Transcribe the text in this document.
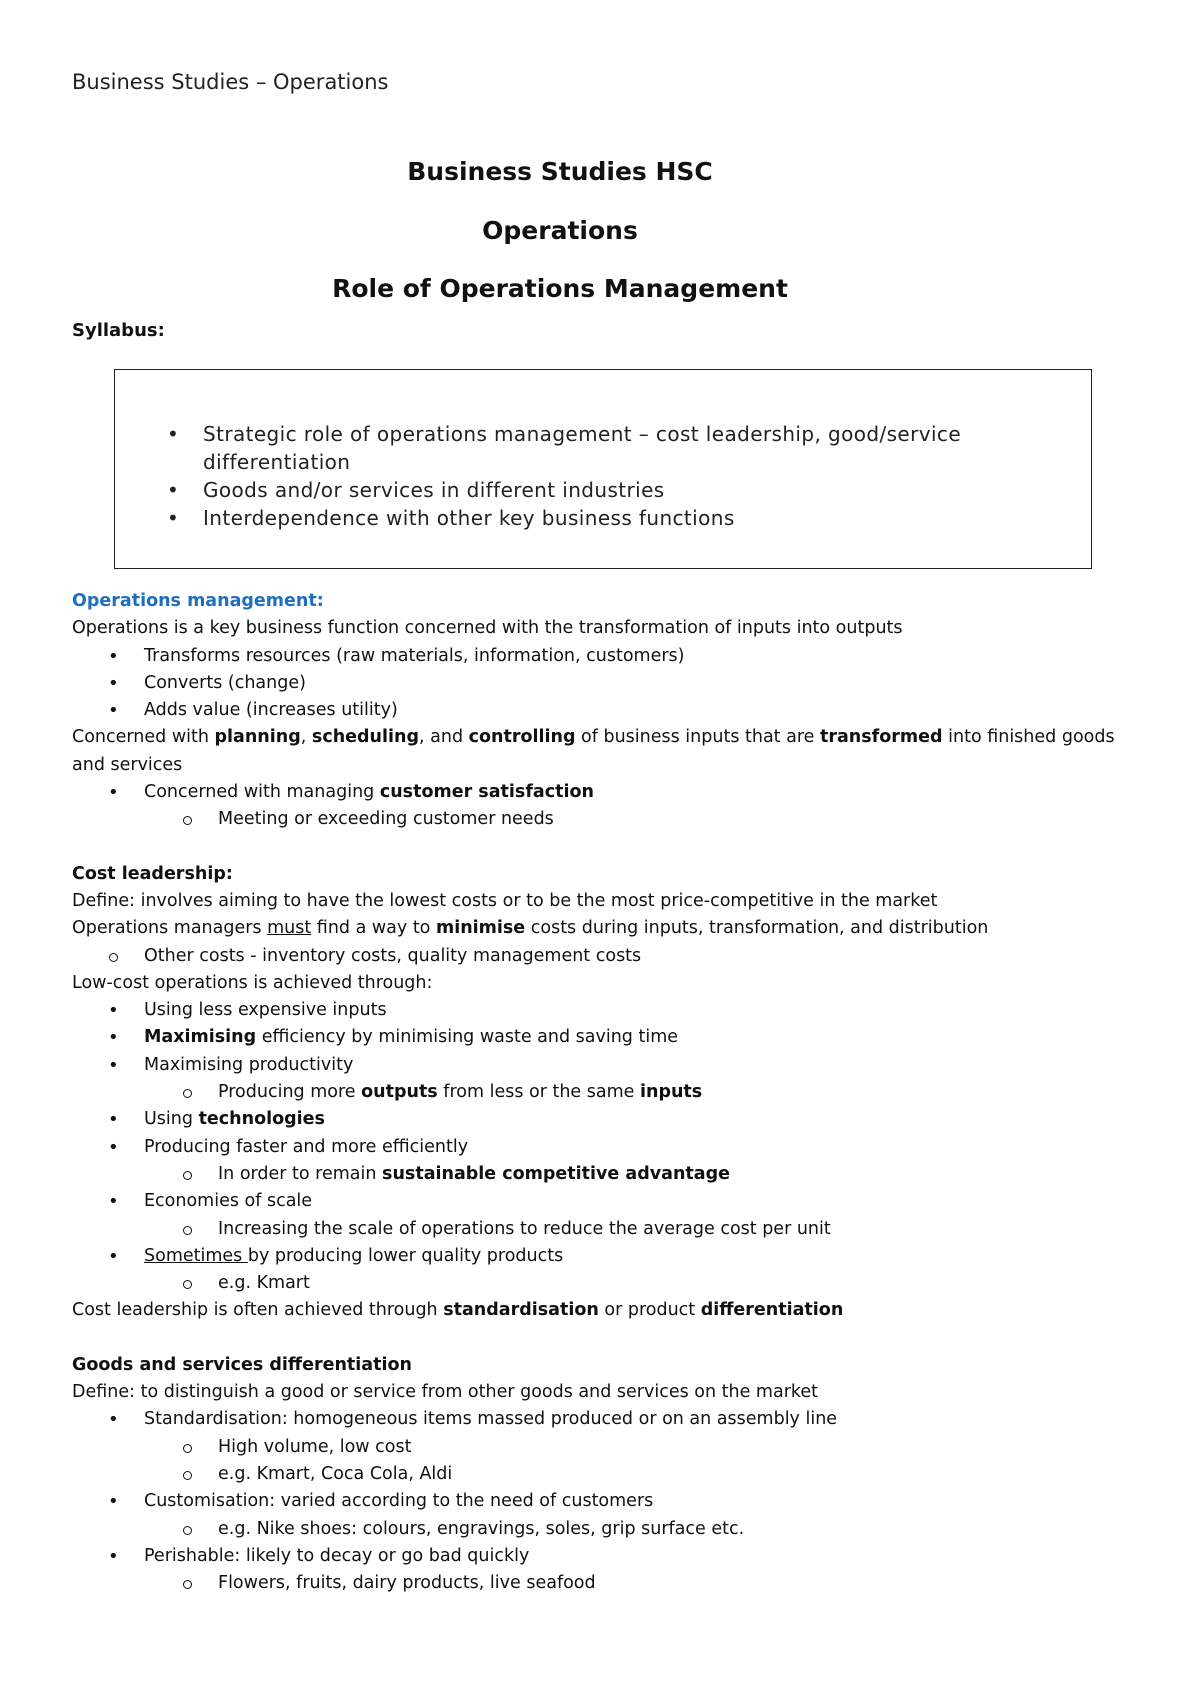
Business Studies – Operations
Business Studies HSC
Operations
Role of Operations Management
Syllabus:
• Strategic role of operations management – cost leadership, good/service
differentiation
• Goods and/or services in different industries
• Interdependence with other key business functions
Operations management:
Operations is a key business function concerned with the transformation of inputs into outputs
• Transforms resources (raw materials, information, customers)
• Converts (change)
• Adds value (increases utility)
Concerned with planning, scheduling, and controlling of business inputs that are transformed into finished goods
and services
• Concerned with managing customer satisfaction
Meeting or exceeding customer needs
Cost leadership:
Define: involves aiming to have the lowest costs or to be the most price-competitive in the market
Operations managers must find a way to minimise costs during inputs, transformation, and distribution
Other costs - inventory costs, quality management costs
Low-cost operations is achieved through:
• Using less expensive inputs
• Maximising efficiency by minimising waste and saving time
• Maximising productivity
Producing more outputs from less or the same inputs
• Using technologies
• Producing faster and more efficiently
In order to remain sustainable competitive advantage
• Economies of scale
Increasing the scale of operations to reduce the average cost per unit
• Sometimes by producing lower quality products
e.g. Kmart
Cost leadership is often achieved through standardisation or product differentiation
Goods and services differentiation
Define: to distinguish a good or service from other goods and services on the market
• Standardisation: homogeneous items massed produced or on an assembly line
High volume, low cost
e.g. Kmart, Coca Cola, Aldi
• Customisation: varied according to the need of customers
e.g. Nike shoes: colours, engravings, soles, grip surface etc.
• Perishable: likely to decay or go bad quickly
Flowers, fruits, dairy products, live seafood
